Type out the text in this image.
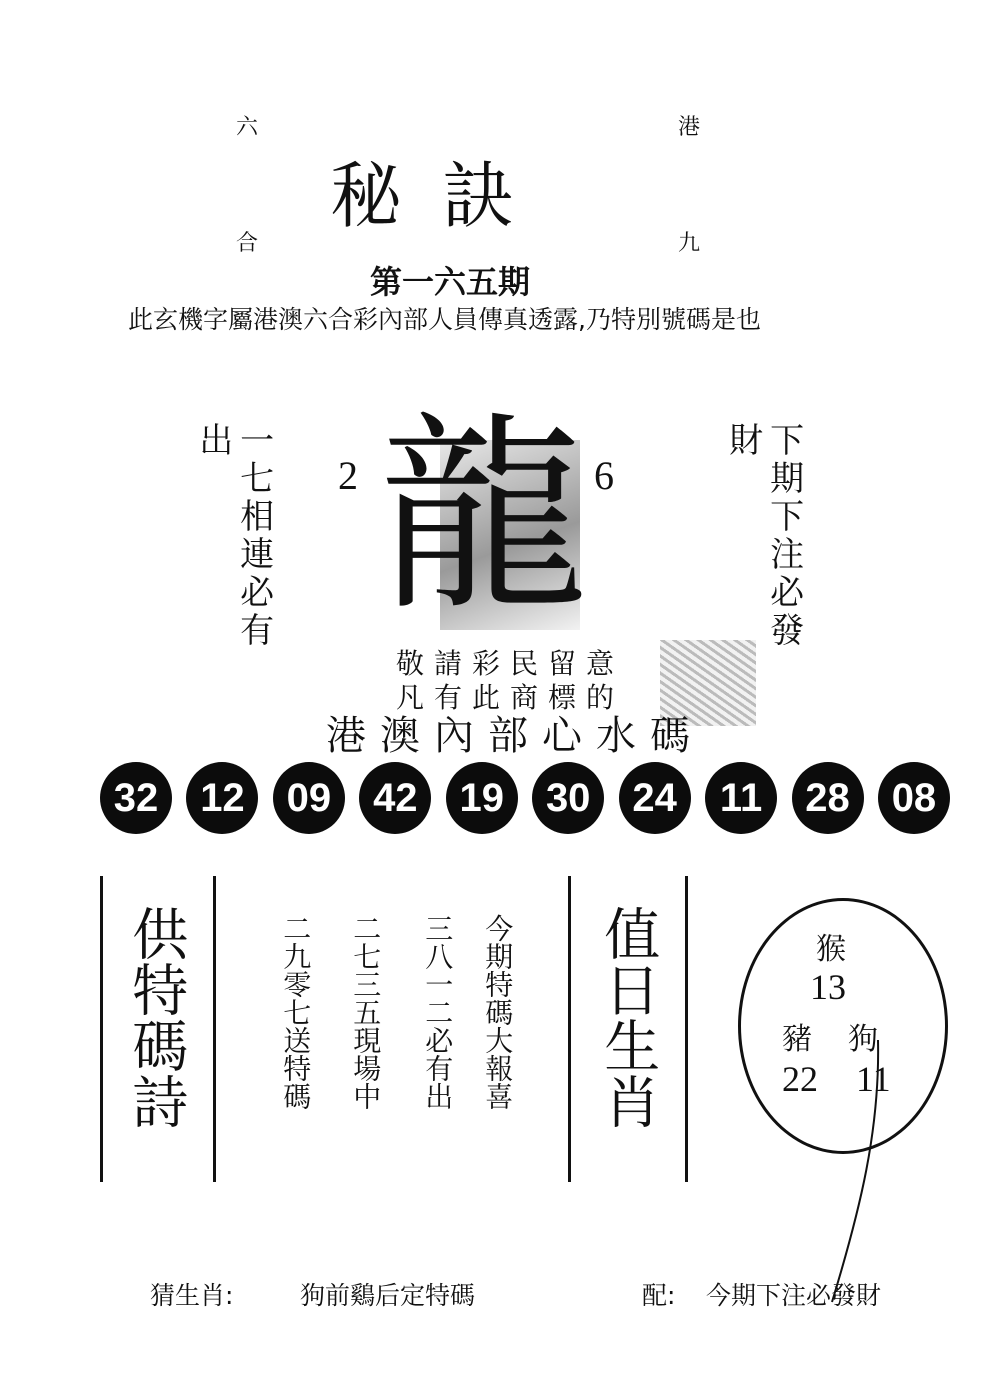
六	港
合	九
秘訣
第一六五期
此玄機字屬港澳六合彩內部人員傳真透露,乃特別號碼是也
一七相連必有出	下期下注必發財
2	6
龍
敬請彩民留意
凡有此商標的
港澳內部心水碼
32	12	09	42	19	30	24	11	28	08
供特碼詩	今期特碼大報喜
三八一二必有出
二七三五現場中
二九零七送特碼	值日生肖	猴
13
豬 狗
22 11
猜生肖:	狗前鷄后定特碼	配: 今期下注必發財
